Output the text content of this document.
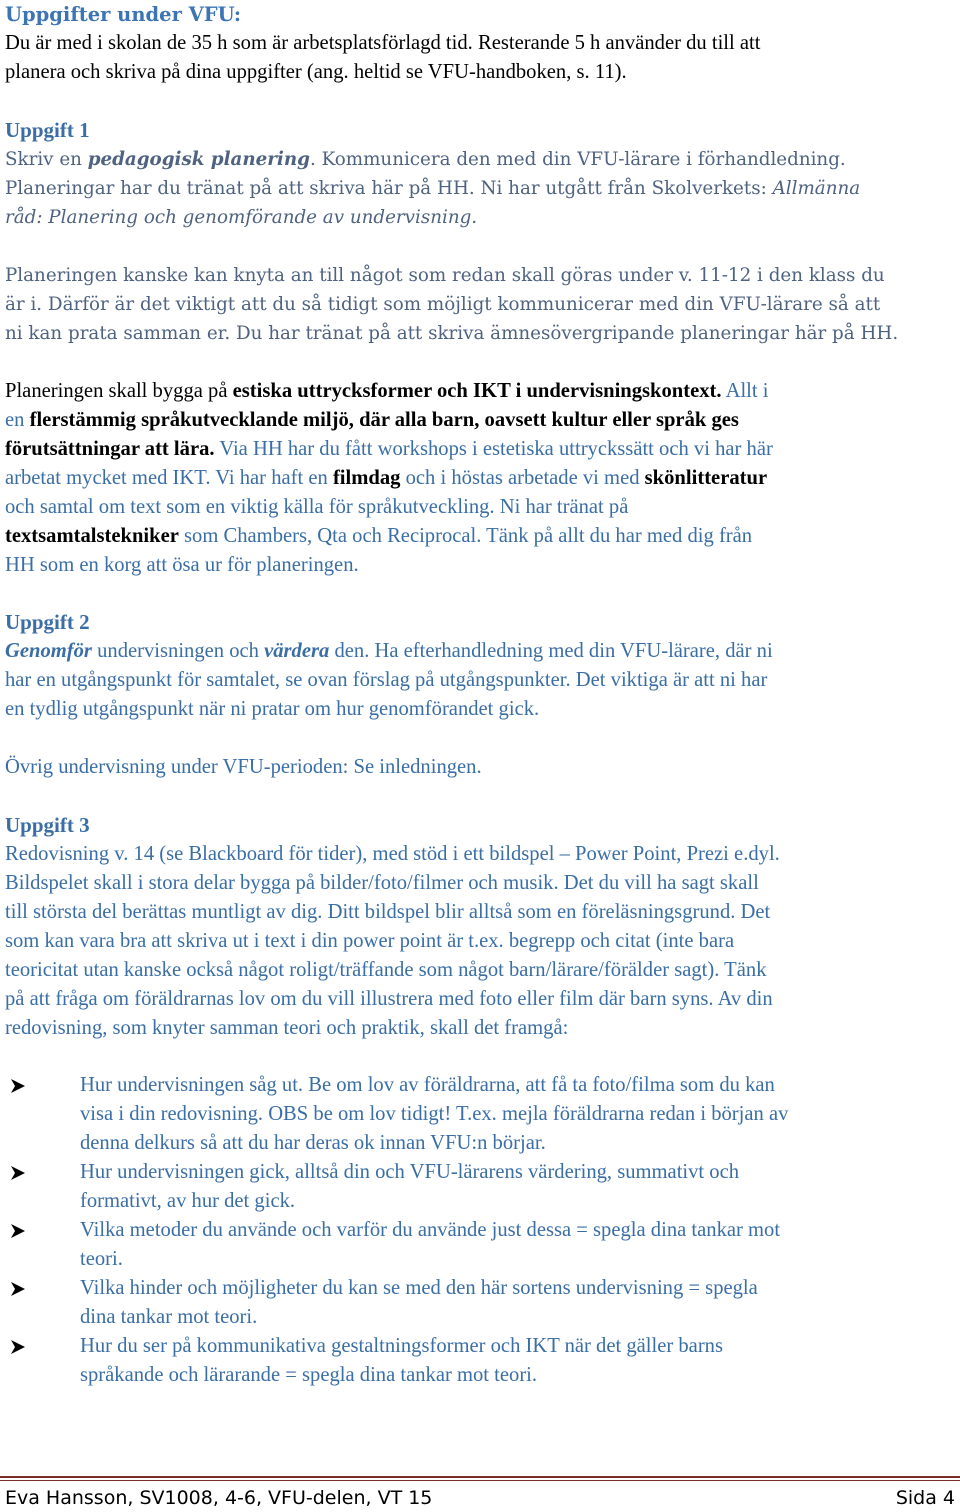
Uppgifter under VFU:
Du är med i skolan de 35 h som är arbetsplatsförlagd tid. Resterande 5 h använder du till att
planera och skriva på dina uppgifter (ang. heltid se VFU-handboken, s. 11).
Uppgift 1
Skriv en pedagogisk planering. Kommunicera den med din VFU-lärare i förhandledning.
Planeringar har du tränat på att skriva här på HH. Ni har utgått från Skolverkets: Allmänna
råd: Planering och genomförande av undervisning.
Planeringen kanske kan knyta an till något som redan skall göras under v. 11-12 i den klass du
är i. Därför är det viktigt att du så tidigt som möjligt kommunicerar med din VFU-lärare så att
ni kan prata samman er. Du har tränat på att skriva ämnesövergripande planeringar här på HH.
Planeringen skall bygga på estiska uttrycksformer och IKT i undervisningskontext. Allt i
en flerstämmig språkutvecklande miljö, där alla barn, oavsett kultur eller språk ges
förutsättningar att lära. Via HH har du fått workshops i estetiska uttryckssätt och vi har här
arbetat mycket med IKT. Vi har haft en filmdag och i höstas arbetade vi med skönlitteratur
och samtal om text som en viktig källa för språkutveckling. Ni har tränat på
textsamtalstekniker som Chambers, Qta och Reciprocal. Tänk på allt du har med dig från
HH som en korg att ösa ur för planeringen.
Uppgift 2
Genomför undervisningen och värdera den. Ha efterhandledning med din VFU-lärare, där ni
har en utgångspunkt för samtalet, se ovan förslag på utgångspunkter. Det viktiga är att ni har
en tydlig utgångspunkt när ni pratar om hur genomförandet gick.
Övrig undervisning under VFU-perioden: Se inledningen.
Uppgift 3
Redovisning v. 14 (se Blackboard för tider), med stöd i ett bildspel – Power Point, Prezi e.dyl.
Bildspelet skall i stora delar bygga på bilder/foto/filmer och musik. Det du vill ha sagt skall
till största del berättas muntligt av dig. Ditt bildspel blir alltså som en föreläsningsgrund. Det
som kan vara bra att skriva ut i text i din power point är t.ex. begrepp och citat (inte bara
teoricitat utan kanske också något roligt/träffande som något barn/lärare/förälder sagt). Tänk
på att fråga om föräldrarnas lov om du vill illustrera med foto eller film där barn syns. Av din
redovisning, som knyter samman teori och praktik, skall det framgå:
Hur undervisningen såg ut. Be om lov av föräldrarna, att få ta foto/filma som du kan
visa i din redovisning. OBS be om lov tidigt! T.ex. mejla föräldrarna redan i början av
denna delkurs så att du har deras ok innan VFU:n börjar.
Hur undervisningen gick, alltså din och VFU-lärarens värdering, summativt och
formativt, av hur det gick.
Vilka metoder du använde och varför du använde just dessa = spegla dina tankar mot
teori.
Vilka hinder och möjligheter du kan se med den här sortens undervisning = spegla
dina tankar mot teori.
Hur du ser på kommunikativa gestaltningsformer och IKT när det gäller barns
språkande och lärarande = spegla dina tankar mot teori.
Eva Hansson, SV1008, 4-6, VFU-delen, VT 15	Sida 4
